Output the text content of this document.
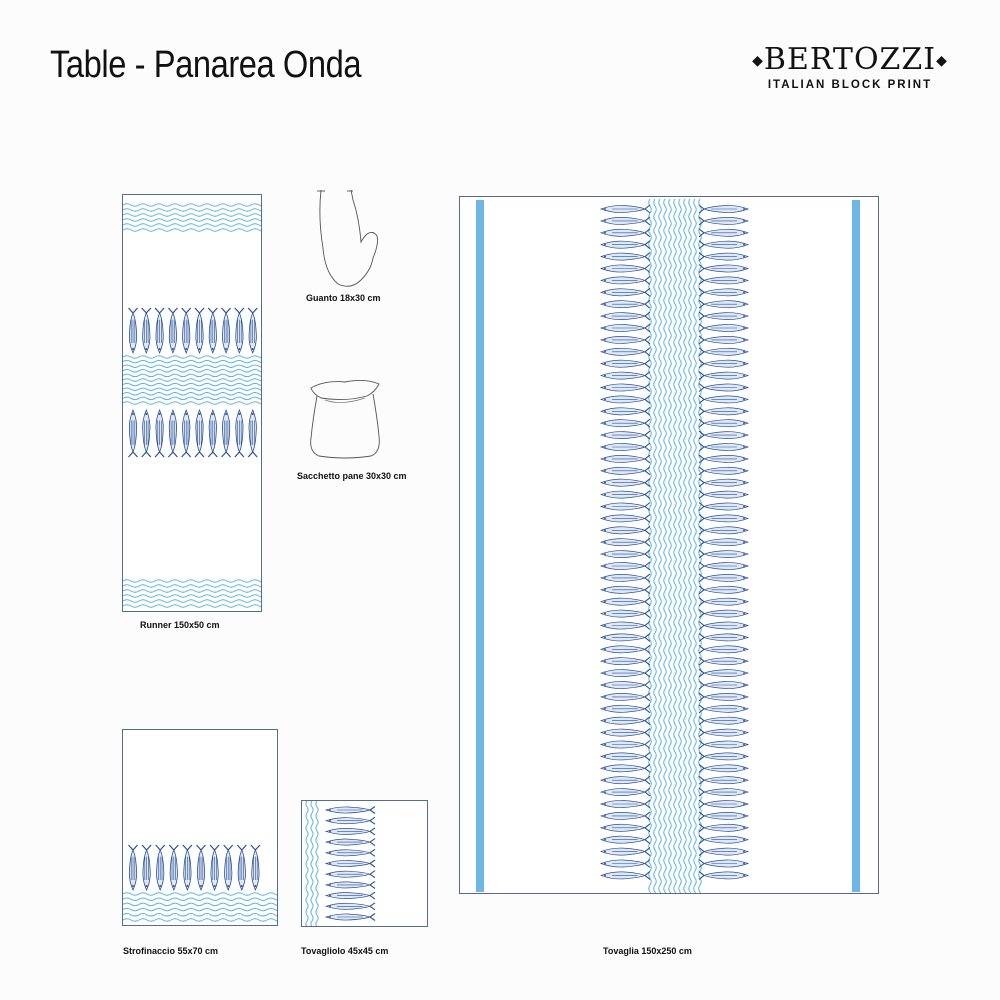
Table - Panarea Onda	◆BERTOZZI◆
ITALIAN BLOCK PRINT
Runner 150x50 cm
Guanto 18x30 cm
Sacchetto pane 30x30 cm
Tovaglia 150x250 cm
Strofinaccio 55x70 cm	Tovagliolo 45x45 cm
